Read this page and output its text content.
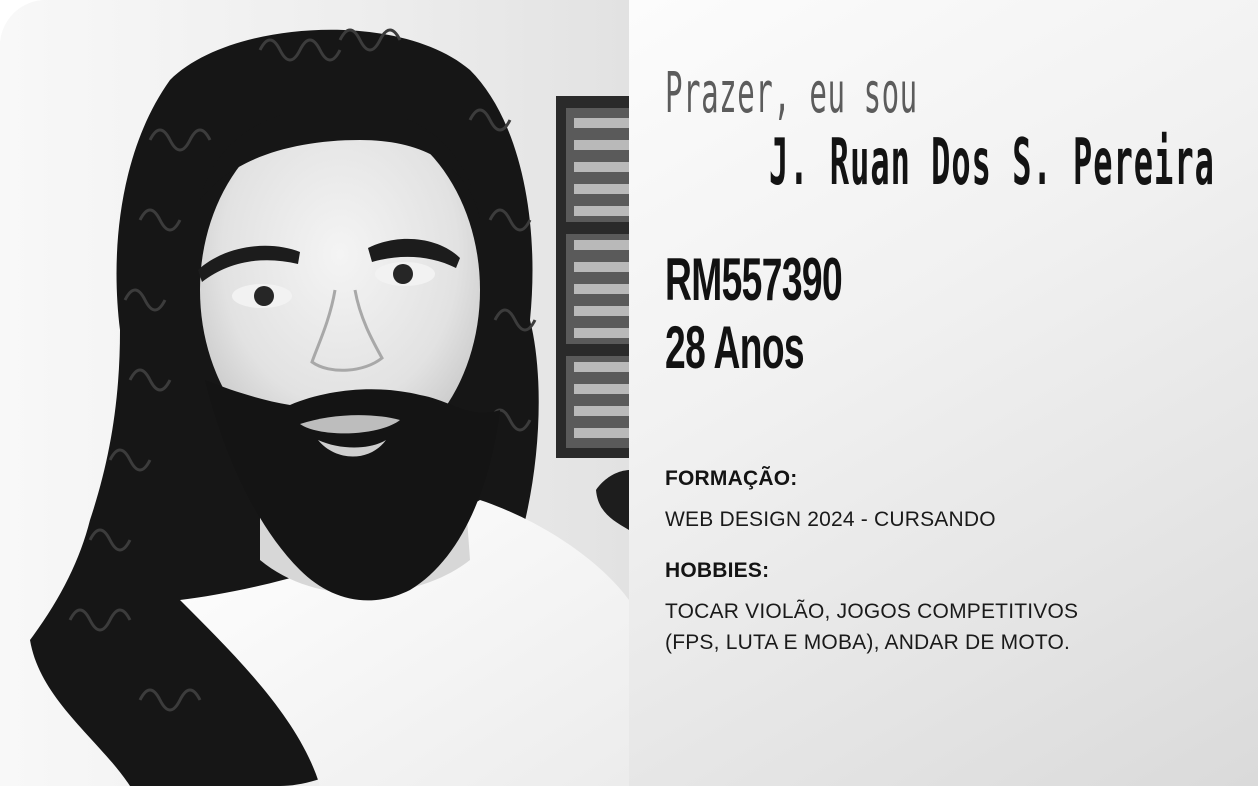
Prazer, eu sou
J. Ruan Dos S. Pereira
RM557390
28 Anos

FORMAÇÃO:

WEB DESIGN 2024 - CURSANDO

HOBBIES:

TOCAR VIOLÃO, JOGOS COMPETITIVOS

(FPS, LUTA E MOBA), ANDAR DE MOTO.
